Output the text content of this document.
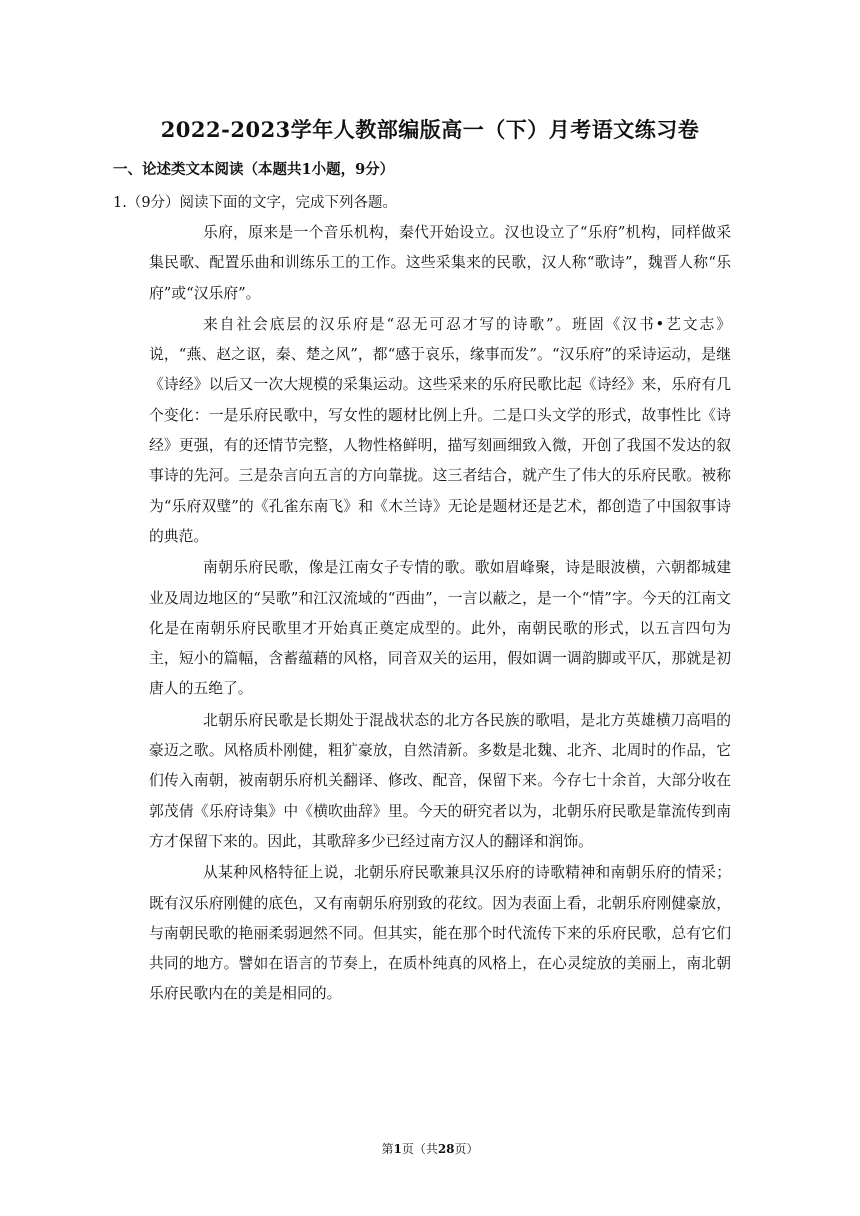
2022-2023学年人教部编版高一（下）月考语文练习卷
一、论述类文本阅读（本题共1小题，9分）
1.（9分）阅读下面的文字，完成下列各题。

乐府，原来是一个音乐机构，秦代开始设立。汉也设立了“乐府”机构，同样做采集民歌、配置乐曲和训练乐工的工作。这些采集来的民歌，汉人称“歌诗”，魏晋人称“乐府”或“汉乐府”。

来自社会底层的汉乐府是“忍无可忍才写的诗歌”。班固《汉书•艺文志》说，“燕、赵之讴，秦、楚之风”，都“感于哀乐，缘事而发”。“汉乐府”的采诗运动，是继《诗经》以后又一次大规模的采集运动。这些采来的乐府民歌比起《诗经》来，乐府有几个变化：一是乐府民歌中，写女性的题材比例上升。二是口头文学的形式，故事性比《诗经》更强，有的还情节完整，人物性格鲜明，描写刻画细致入微，开创了我国不发达的叙事诗的先河。三是杂言向五言的方向靠拢。这三者结合，就产生了伟大的乐府民歌。被称为“乐府双璧”的《孔雀东南飞》和《木兰诗》无论是题材还是艺术，都创造了中国叙事诗的典范。

南朝乐府民歌，像是江南女子专情的歌。歌如眉峰聚，诗是眼波横，六朝都城建业及周边地区的“吴歌”和江汉流域的“西曲”，一言以蔽之，是一个“情”字。今天的江南文化是在南朝乐府民歌里才开始真正奠定成型的。此外，南朝民歌的形式，以五言四句为主，短小的篇幅，含蓄蕴藉的风格，同音双关的运用，假如调一调韵脚或平仄，那就是初唐人的五绝了。

北朝乐府民歌是长期处于混战状态的北方各民族的歌唱，是北方英雄横刀高唱的豪迈之歌。风格质朴刚健，粗犷豪放，自然清新。多数是北魏、北齐、北周时的作品，它们传入南朝，被南朝乐府机关翻译、修改、配音，保留下来。今存七十余首，大部分收在郭茂倩《乐府诗集》中《横吹曲辞》里。今天的研究者以为，北朝乐府民歌是靠流传到南方才保留下来的。因此，其歌辞多少已经过南方汉人的翻译和润饰。

从某种风格特征上说，北朝乐府民歌兼具汉乐府的诗歌精神和南朝乐府的情采；既有汉乐府刚健的底色，又有南朝乐府别致的花纹。因为表面上看，北朝乐府刚健豪放，与南朝民歌的艳丽柔弱迥然不同。但其实，能在那个时代流传下来的乐府民歌，总有它们共同的地方。譬如在语言的节奏上，在质朴纯真的风格上，在心灵绽放的美丽上，南北朝乐府民歌内在的美是相同的。

第1页（共28页）
